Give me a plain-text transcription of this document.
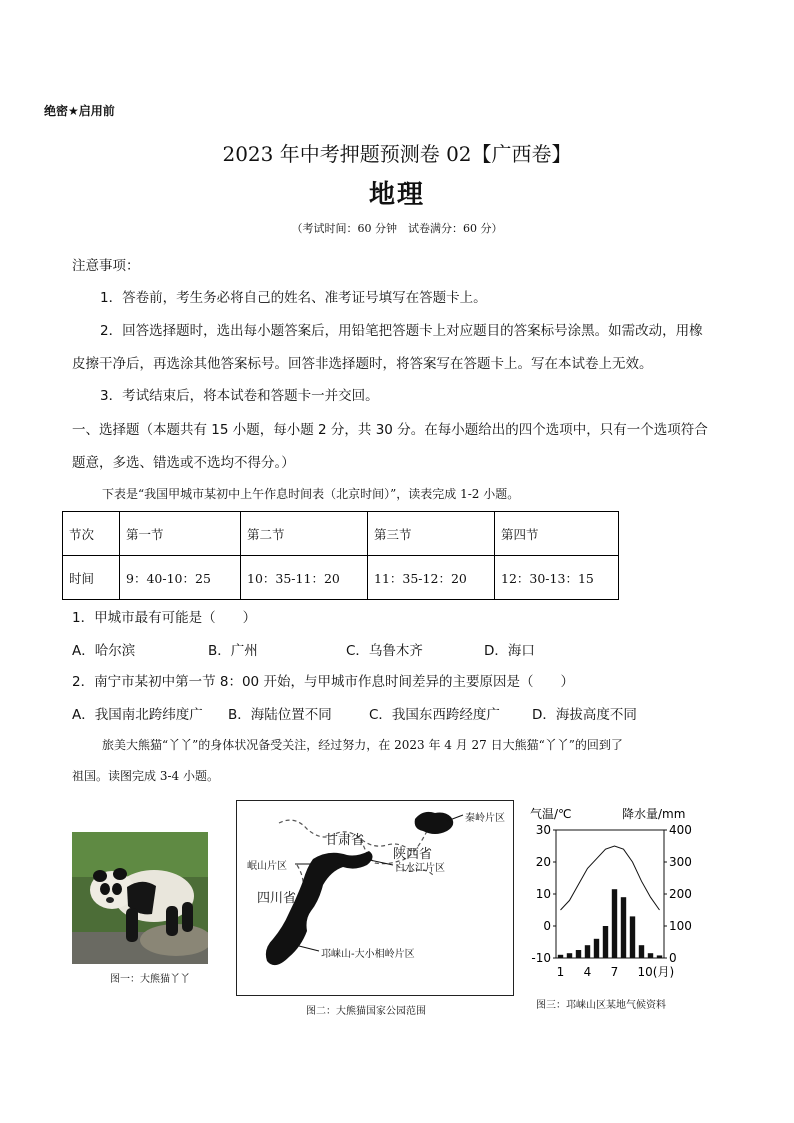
绝密★启用前
2023 年中考押题预测卷 02【广西卷】
地理
（考试时间：60 分钟　试卷满分：60 分）
注意事项：
1．答卷前，考生务必将自己的姓名、准考证号填写在答题卡上。
2．回答选择题时，选出每小题答案后，用铅笔把答题卡上对应题目的答案标号涂黑。如需改动，用橡
皮擦干净后，再选涂其他答案标号。回答非选择题时，将答案写在答题卡上。写在本试卷上无效。
3．考试结束后，将本试卷和答题卡一并交回。
一、选择题（本题共有 15 小题，每小题 2 分，共 30 分。在每小题给出的四个选项中，只有一个选项符合
题意，多选、错选或不选均不得分。）
下表是“我国甲城市某初中上午作息时间表（北京时间）”，读表完成 1-2 小题。
节次	第一节	第二节	第三节	第四节
时间	9：40-10：25	10：35-11：20	11：35-12：20	12：30-13：15
1．甲城市最有可能是（　　）
A．哈尔滨	B．广州	C．乌鲁木齐	D．海口
2．南宁市某初中第一节 8：00 开始，与甲城市作息时间差异的主要原因是（　　）
A．我国南北跨纬度广 B．海陆位置不同	C．我国东西跨经度广 D．海拔高度不同
旅美大熊猫“丫丫”的身体状况备受关注，经过努力，在 2023 年 4 月 27 日大熊猫“丫丫”的回到了
祖国。读图完成 3-4 小题。
图一：大熊猫丫丫
甘肃省
陕西省
四川省
岷山片区	白水江片区
秦岭片区
邛崃山-大小相岭片区
图二：大熊猫国家公园范围
气温/℃	降水量/mm
30
20
10
0
-10
400
300
200
100
0
1 4 7 10(月)
图三：邛崃山区某地气候资料
